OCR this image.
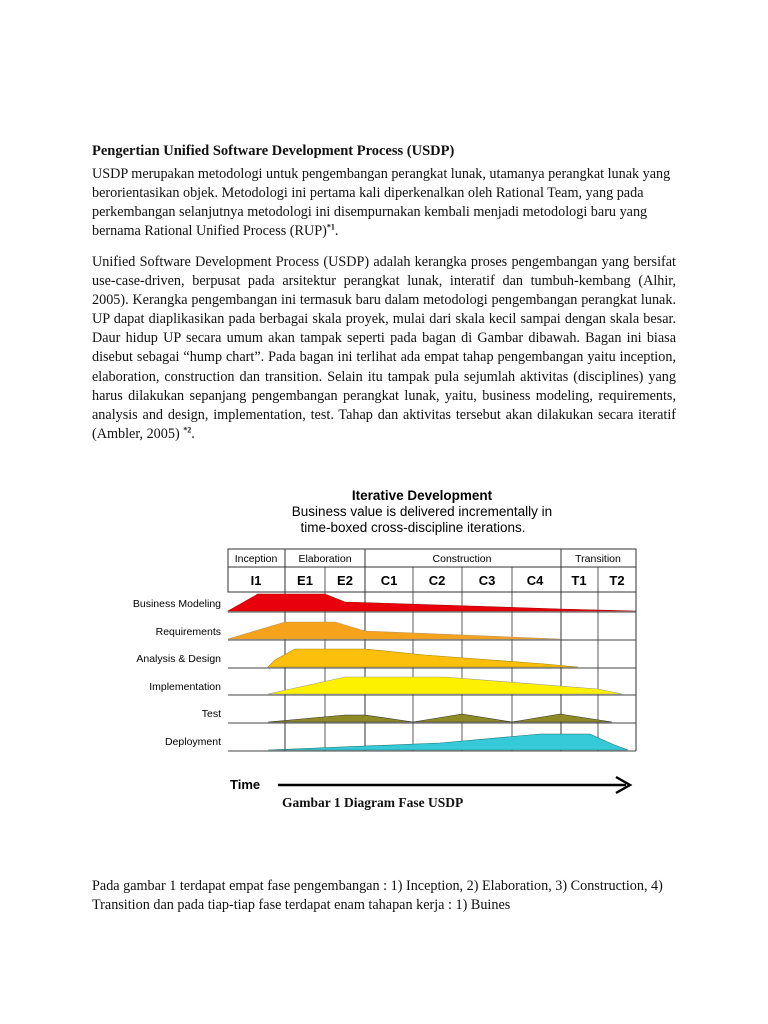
Pengertian Unified Software Development Process (USDP)
USDP merupakan metodologi untuk pengembangan perangkat lunak, utamanya perangkat lunak yang berorientasikan objek. Metodologi ini pertama kali diperkenalkan oleh Rational Team, yang pada perkembangan selanjutnya metodologi ini disempurnakan kembali menjadi metodologi baru yang bernama Rational Unified Process (RUP)$^{*1}$.
Unified Software Development Process (USDP) adalah kerangka proses pengembangan yang bersifat use-case-driven, berpusat pada arsitektur perangkat lunak, interatif dan tumbuh-kembang (Alhir, 2005). Kerangka pengembangan ini termasuk baru dalam metodologi pengembangan perangkat lunak. UP dapat diaplikasikan pada berbagai skala proyek, mulai dari skala kecil sampai dengan skala besar. Daur hidup UP secara umum akan tampak seperti pada bagan di Gambar dibawah. Bagan ini biasa disebut sebagai “hump chart”. Pada bagan ini terlihat ada empat tahap pengembangan yaitu inception, elaboration, construction dan transition. Selain itu tampak pula sejumlah aktivitas (disciplines) yang harus dilakukan sepanjang pengembangan perangkat lunak, yaitu, business modeling, requirements, analysis and design, implementation, test. Tahap dan aktivitas tersebut akan dilakukan secara iteratif (Ambler, 2005) $^{*2}$.
Iterative Development
Business value is delivered incrementally in
time-boxed cross-discipline iterations.
Inception Elaboration	Construction	Transition
I1	E1 E2 C1 C2	C3 C4 T1 T2
Business Modeling
Requirements
Analysis & Design
Implementation
Test
Deployment
Time
Gambar 1 Diagram Fase USDP
Pada gambar 1 terdapat empat fase pengembangan : 1) Inception, 2) Elaboration, 3) Construction, 4) Transition dan pada tiap-tiap fase terdapat enam tahapan kerja : 1) Buines
